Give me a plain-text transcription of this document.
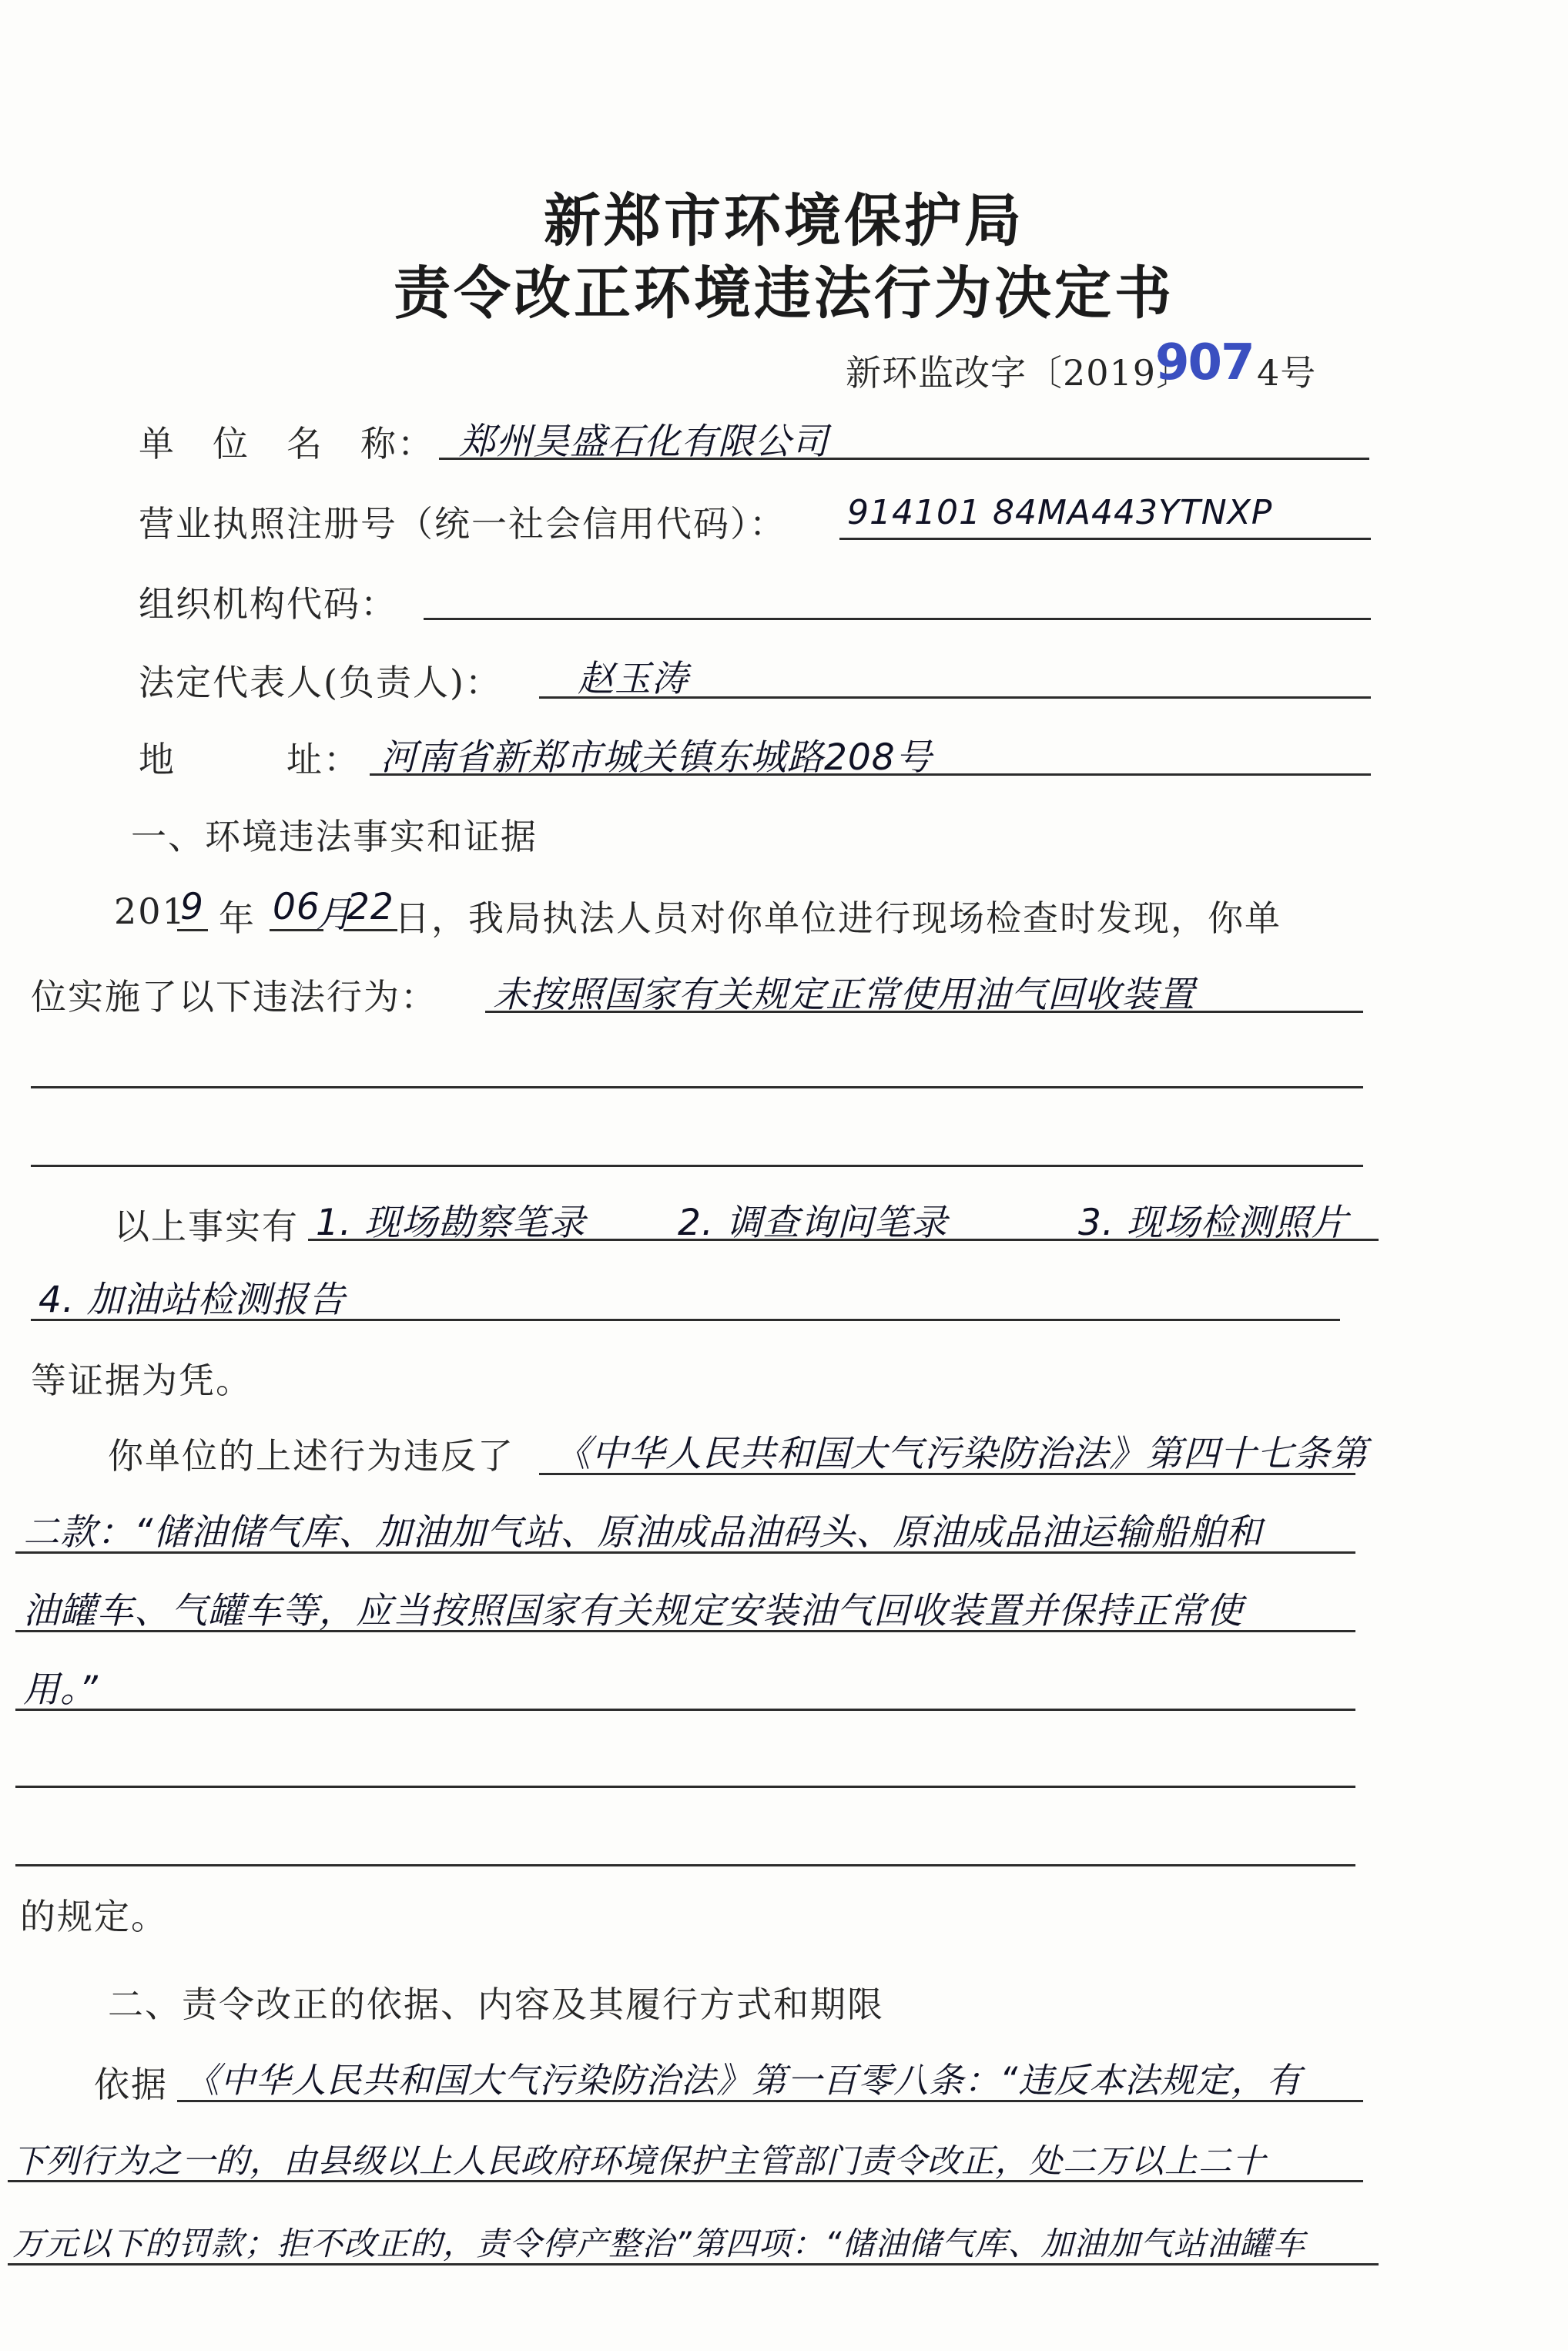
新郑市环境保护局
责令改正环境违法行为决定书
新环监改字〔2019〕
907 4号
单　位　名　称： 郑州昊盛石化有限公司
营业执照注册号（统一社会信用代码）： 914101 84MA443YTNXP
组织机构代码：
法定代表人(负责人)： 赵玉涛
地　　　址： 河南省新郑市城关镇东城路208号
一、环境违法事实和证据
201
9 年 06
月
22 日，我局执法人员对你单位进行现场检查时发现，你单
位实施了以下违法行为： 未按照国家有关规定正常使用油气回收装置
以上事实有 1. 现场勘察笔录	2. 调查询问笔录	3. 现场检测照片
4. 加油站检测报告
等证据为凭。
你单位的上述行为违反了 《中华人民共和国大气污染防治法》第四十七条第
二款：“储油储气库、加油加气站、原油成品油码头、原油成品油运输船舶和
油罐车、气罐车等，应当按照国家有关规定安装油气回收装置并保持正常使
用。”
的规定。
二、责令改正的依据、内容及其履行方式和期限
依据 《中华人民共和国大气污染防治法》第一百零八条：“违反本法规定，有
下列行为之一的，由县级以上人民政府环境保护主管部门责令改正，处二万以上二十
万元以下的罚款；拒不改正的，责令停产整治”第四项：“储油储气库、加油加气站油罐车
